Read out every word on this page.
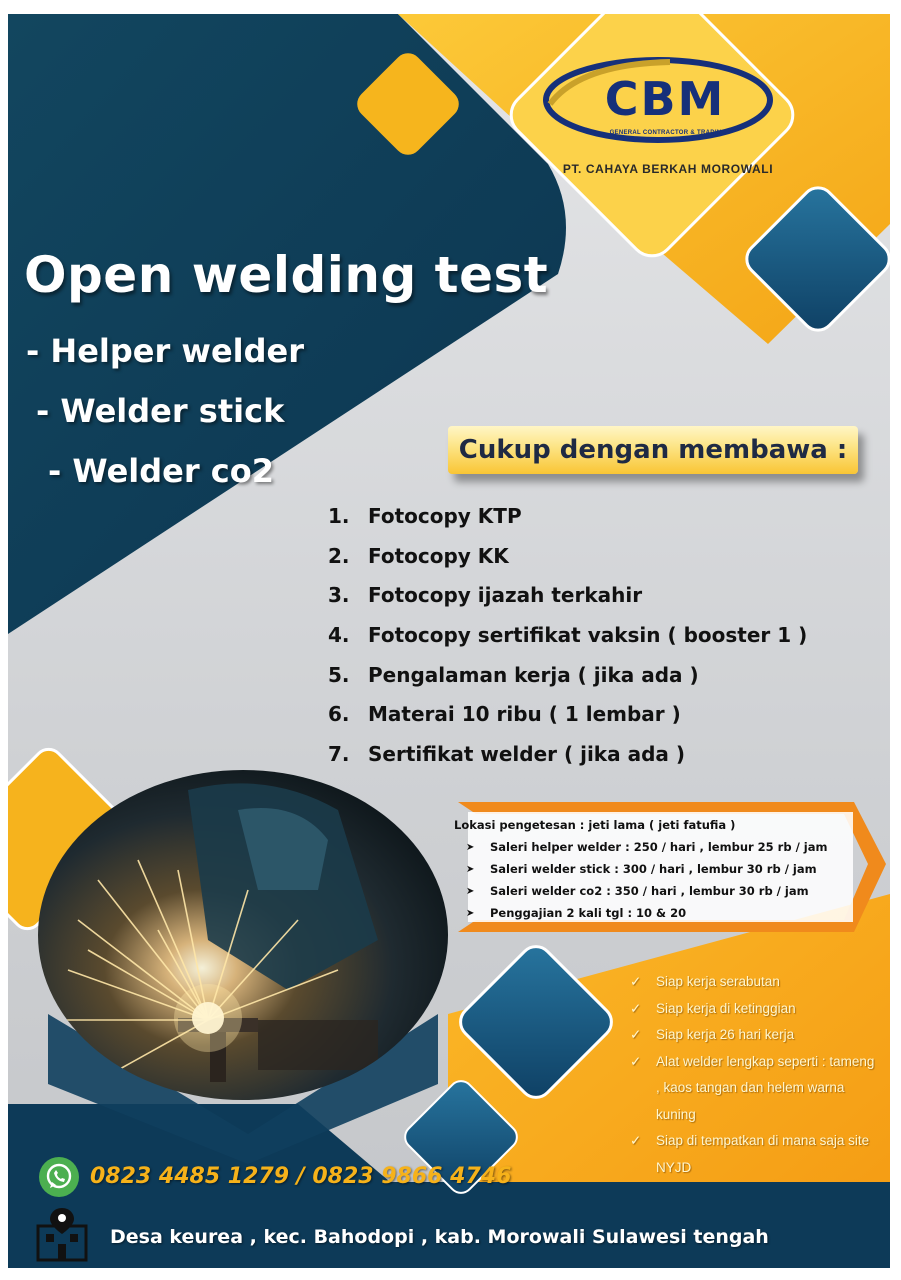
CBM
GENERAL CONTRACTOR & TRADING
PT. CAHAYA BERKAH MOROWALI
Open welding test
- Helper welder
- Welder stick
- Welder co2
Cukup dengan membawa :
1. Fotocopy KTP
2. Fotocopy KK
3. Fotocopy ijazah terkahir
4. Fotocopy sertifikat vaksin ( booster 1 )
5. Pengalaman kerja ( jika ada )
6. Materai 10 ribu ( 1 lembar )
7. Sertifikat welder ( jika ada )
Lokasi pengetesan : jeti lama ( jeti fatufia )
➤	Saleri helper welder : 250 / hari , lembur 25 rb / jam
➤	Saleri welder stick : 300 / hari , lembur 30 rb / jam
➤	Saleri welder co2 : 350 / hari , lembur 30 rb / jam
➤	Penggajian 2 kali tgl : 10 & 20
✓	Siap kerja serabutan
✓	Siap kerja di ketinggian
✓	Siap kerja 26 hari kerja
✓	Alat welder lengkap seperti : tameng , kaos tangan dan helem warna kuning
✓	Siap di tempatkan di mana saja site NYJD
0823 4485 1279 / 0823 9866 4746
Desa keurea , kec. Bahodopi , kab. Morowali Sulawesi tengah
